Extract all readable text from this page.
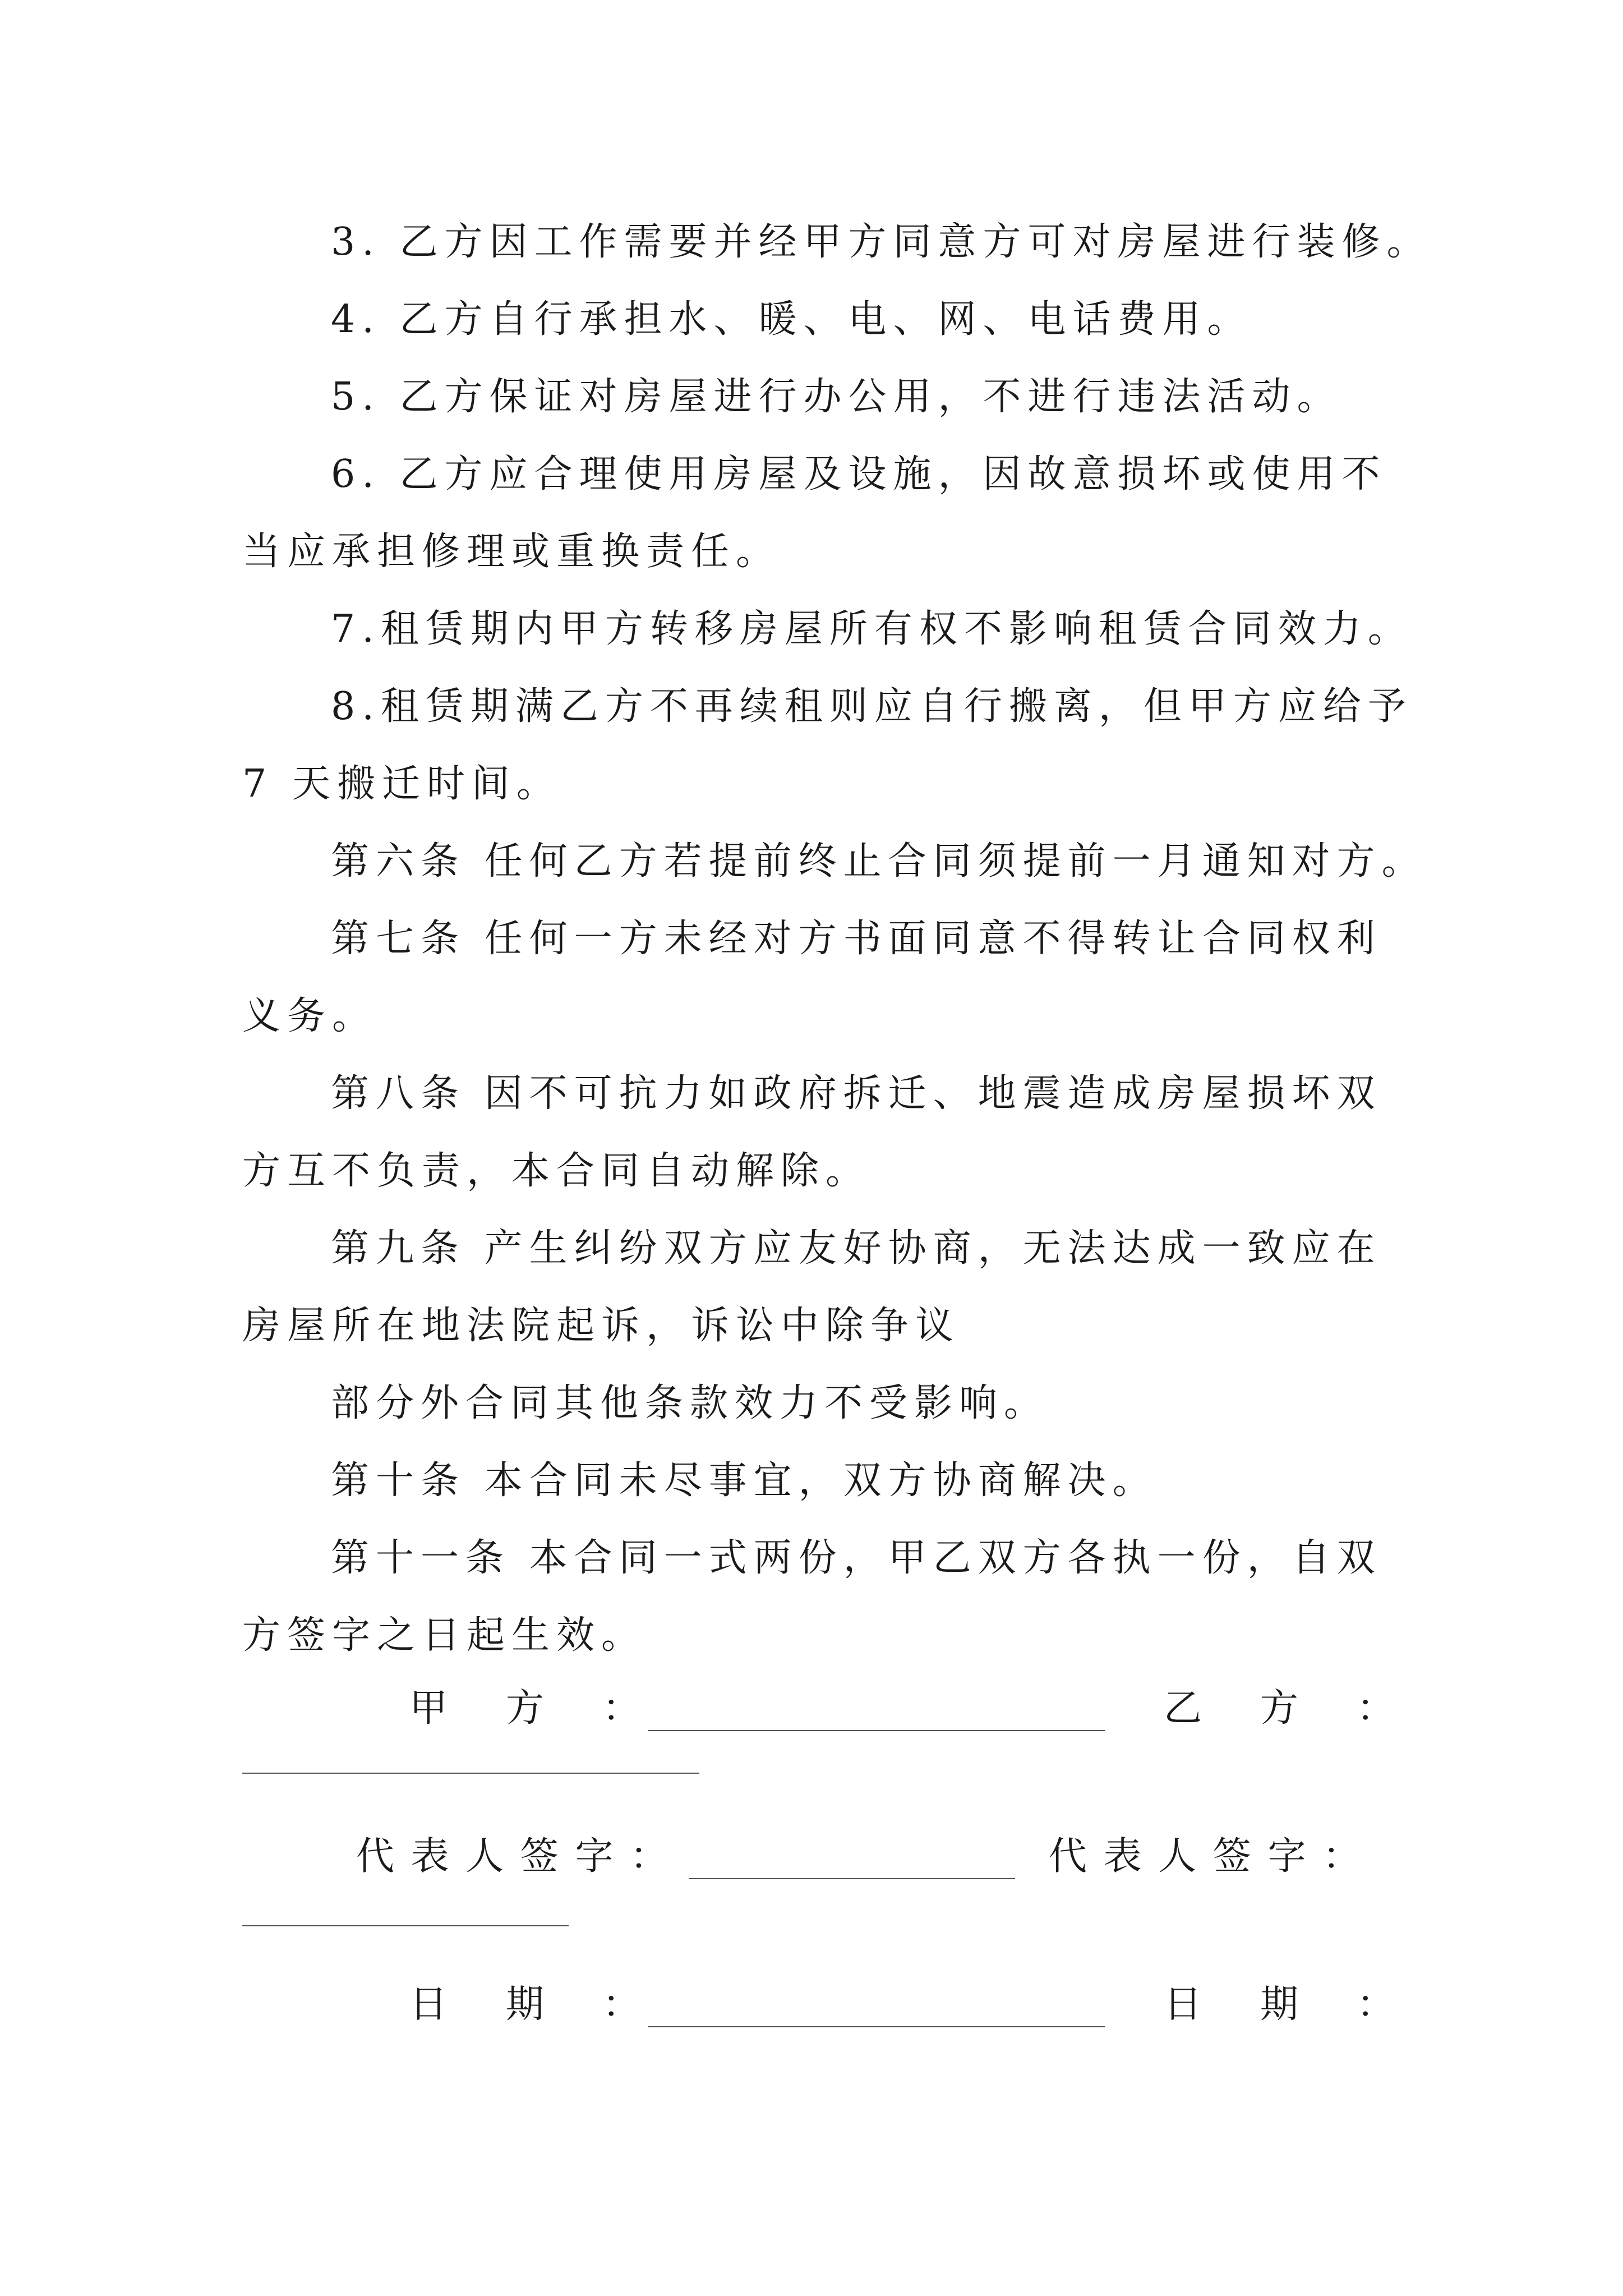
3. 乙方因工作需要并经甲方同意方可对房屋进行装修。
4. 乙方自行承担水、暖、电、网、电话费用。
5. 乙方保证对房屋进行办公用，不进行违法活动。
6. 乙方应合理使用房屋及设施，因故意损坏或使用不
当应承担修理或重换责任。
7.租赁期内甲方转移房屋所有权不影响租赁合同效力。
8.租赁期满乙方不再续租则应自行搬离，但甲方应给予
7 天搬迁时间。
第六条 任何乙方若提前终止合同须提前一月通知对方。
第七条 任何一方未经对方书面同意不得转让合同权利
义务。
第八条 因不可抗力如政府拆迁、地震造成房屋损坏双
方互不负责，本合同自动解除。
第九条 产生纠纷双方应友好协商，无法达成一致应在
房屋所在地法院起诉，诉讼中除争议
部分外合同其他条款效力不受影响。
第十条 本合同未尽事宜，双方协商解决。
第十一条 本合同一式两份，甲乙双方各执一份，自双
方签字之日起生效。
甲　方　：	乙　方　：
代 表 人 签 字 ：	代 表 人 签 字 ：
日　期　：	日　期　：
